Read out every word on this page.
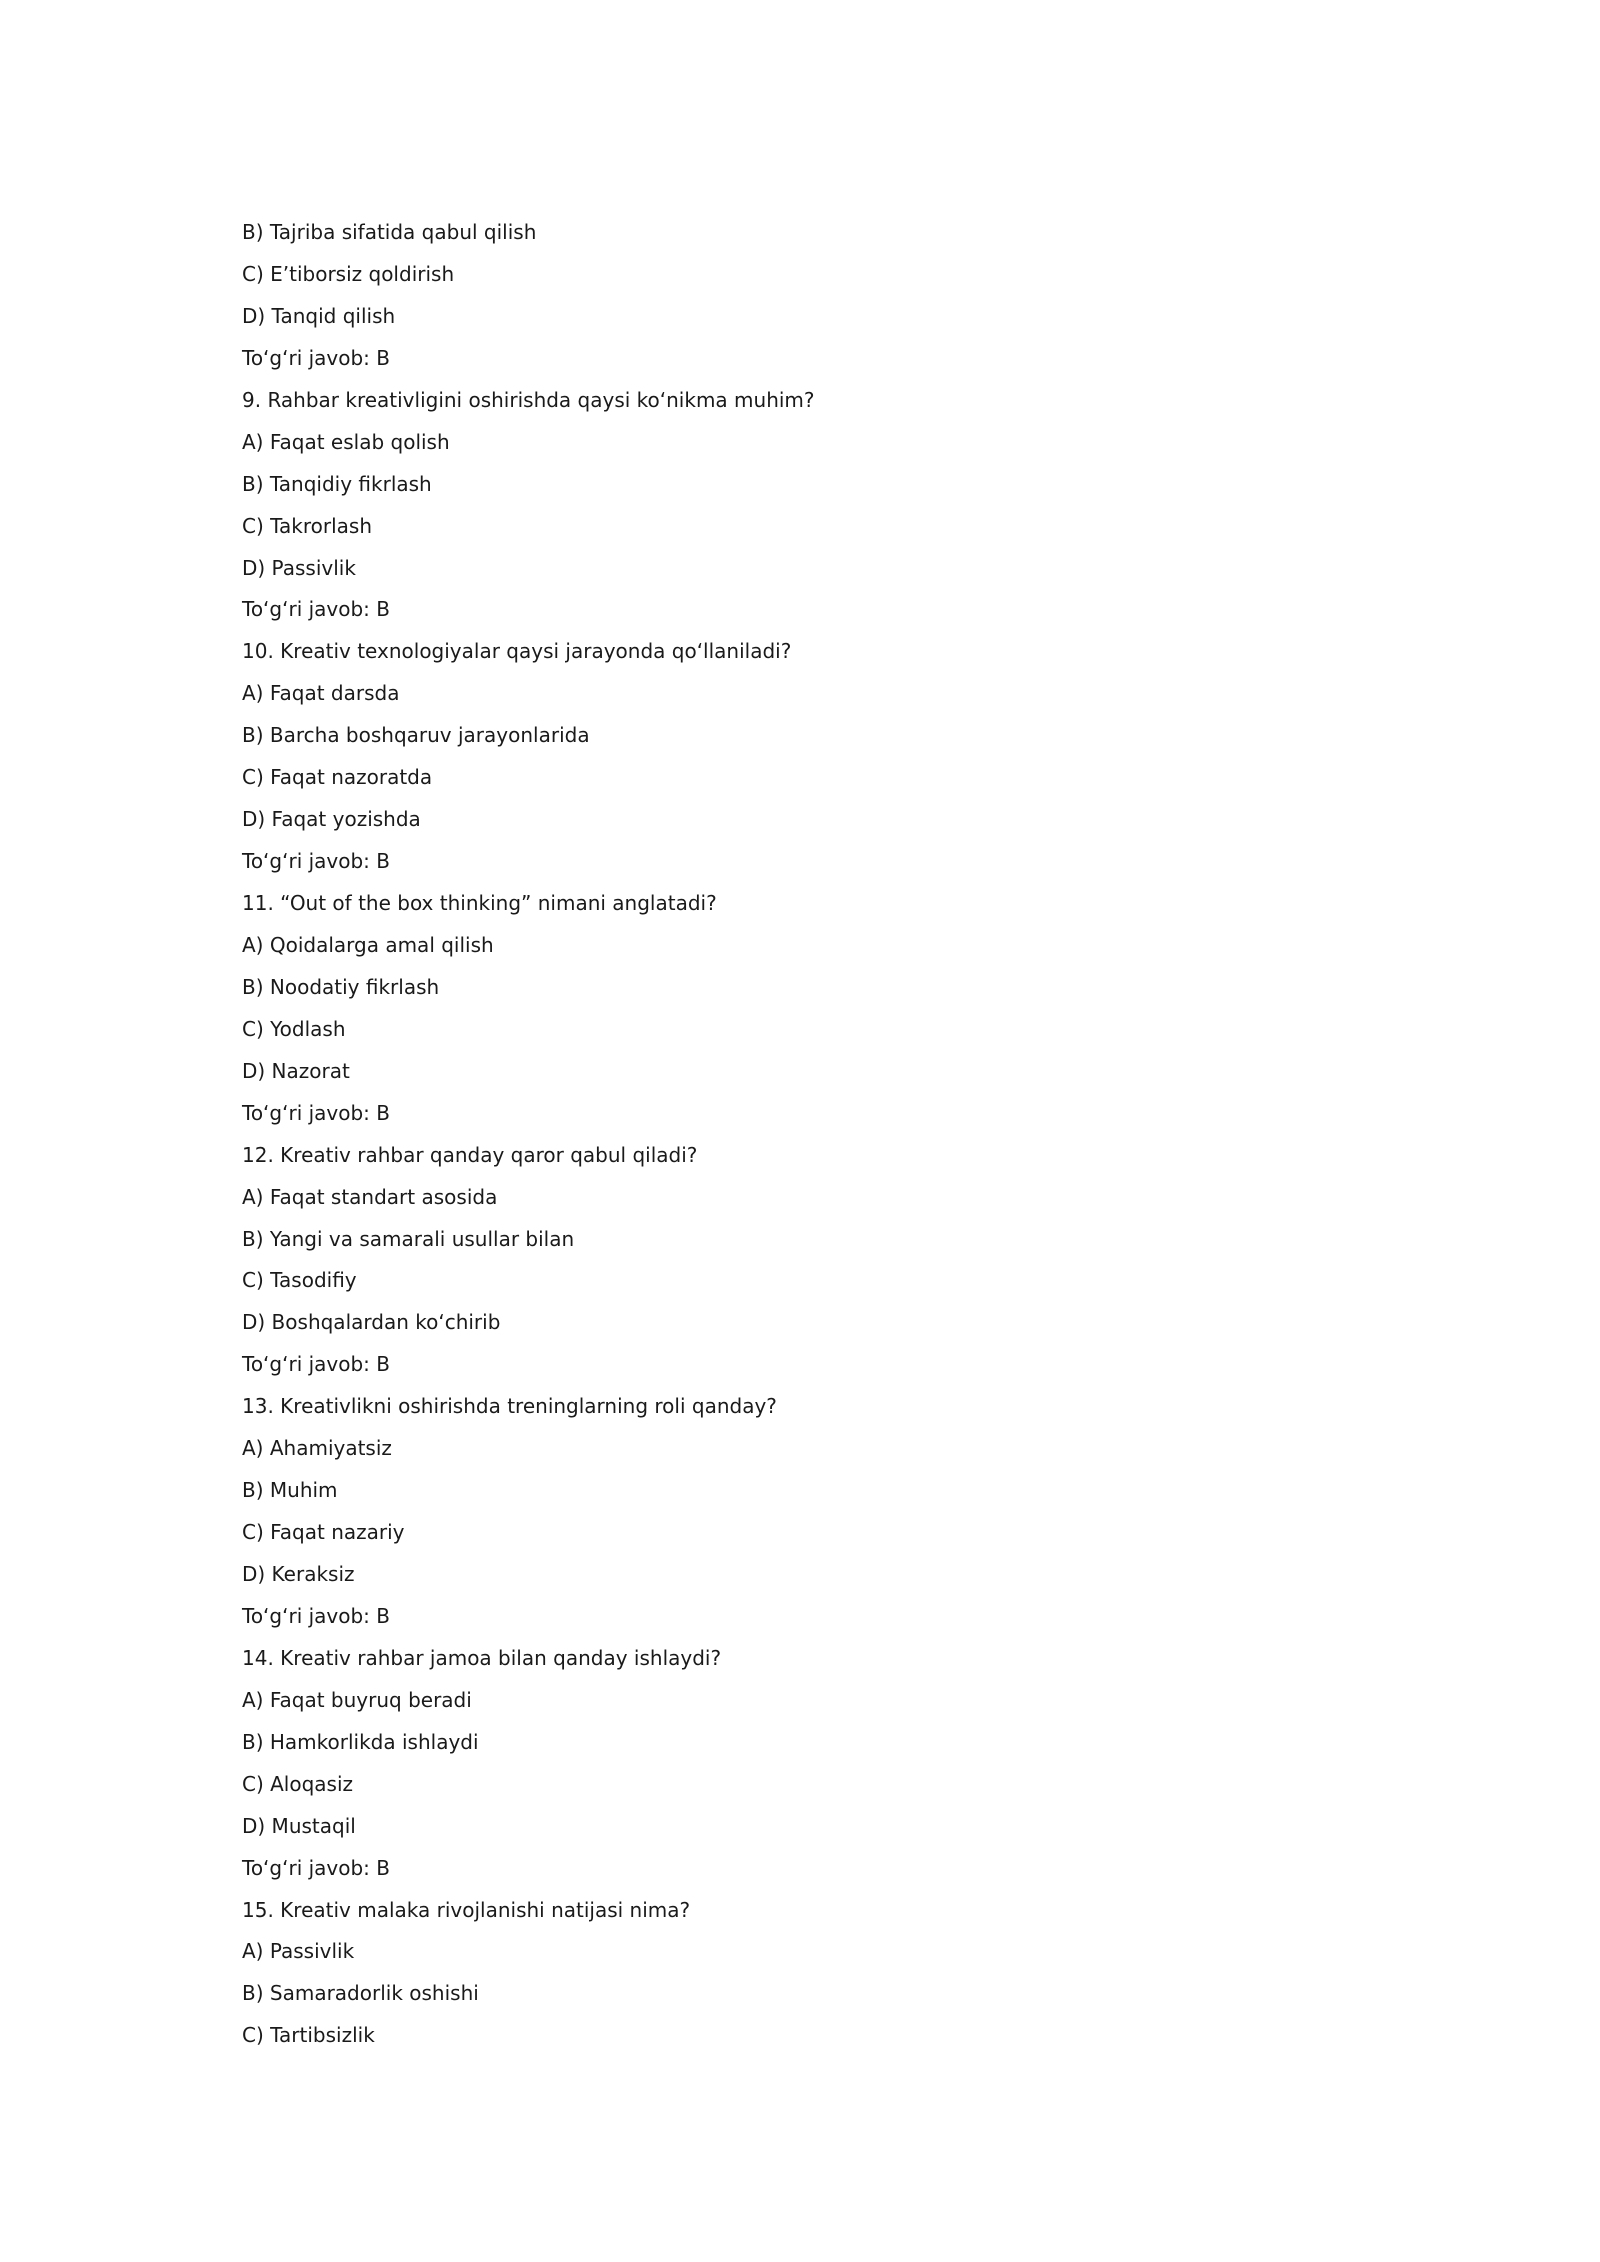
B) Tajriba sifatida qabul qilish
C) E’tiborsiz qoldirish
D) Tanqid qilish
To‘g‘ri javob: B
9. Rahbar kreativligini oshirishda qaysi ko‘nikma muhim?
A) Faqat eslab qolish
B) Tanqidiy fikrlash
C) Takrorlash
D) Passivlik
To‘g‘ri javob: B
10. Kreativ texnologiyalar qaysi jarayonda qo‘llaniladi?
A) Faqat darsda
B) Barcha boshqaruv jarayonlarida
C) Faqat nazoratda
D) Faqat yozishda
To‘g‘ri javob: B
11. “Out of the box thinking” nimani anglatadi?
A) Qoidalarga amal qilish
B) Noodatiy fikrlash
C) Yodlash
D) Nazorat
To‘g‘ri javob: B
12. Kreativ rahbar qanday qaror qabul qiladi?
A) Faqat standart asosida
B) Yangi va samarali usullar bilan
C) Tasodifiy
D) Boshqalardan ko‘chirib
To‘g‘ri javob: B
13. Kreativlikni oshirishda treninglarning roli qanday?
A) Ahamiyatsiz
B) Muhim
C) Faqat nazariy
D) Keraksiz
To‘g‘ri javob: B
14. Kreativ rahbar jamoa bilan qanday ishlaydi?
A) Faqat buyruq beradi
B) Hamkorlikda ishlaydi
C) Aloqasiz
D) Mustaqil
To‘g‘ri javob: B
15. Kreativ malaka rivojlanishi natijasi nima?
A) Passivlik
B) Samaradorlik oshishi
C) Tartibsizlik
